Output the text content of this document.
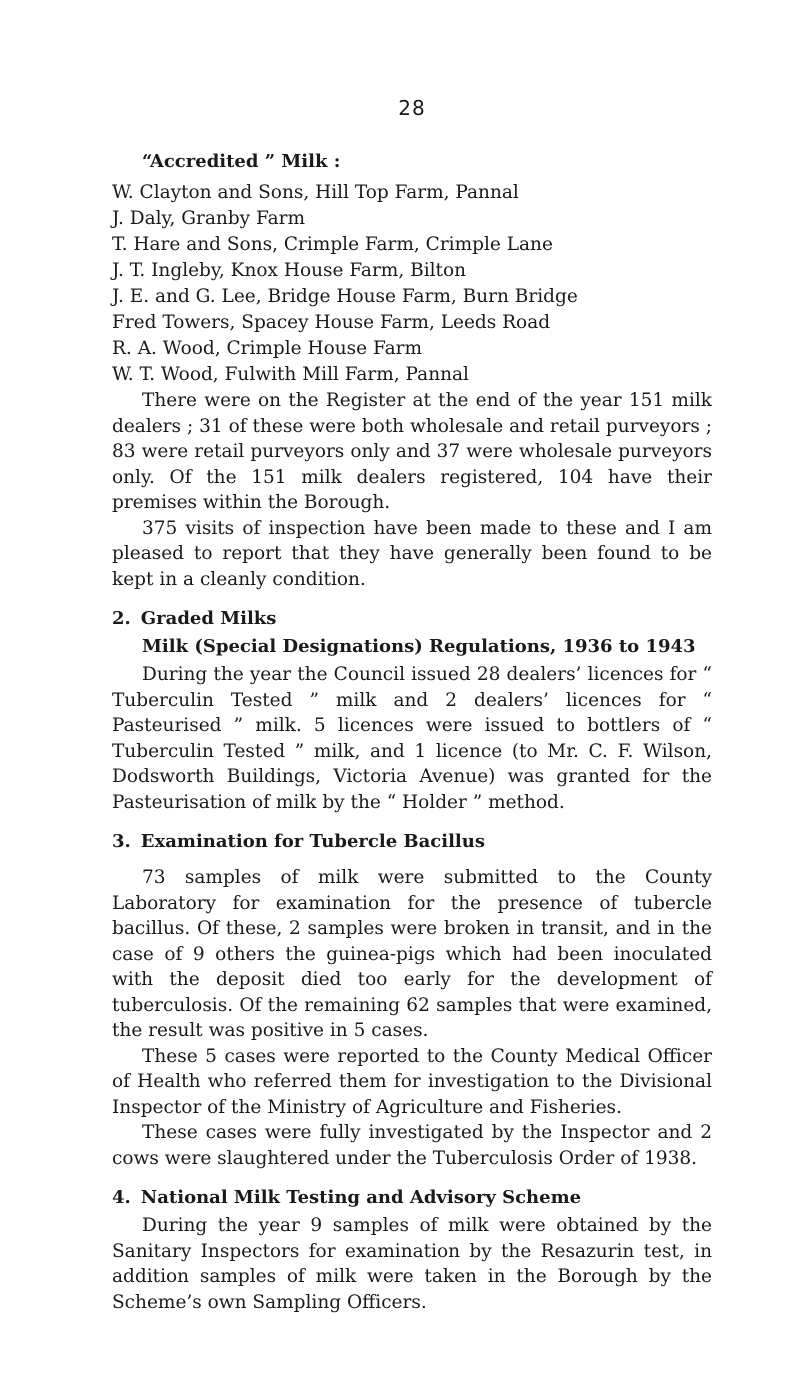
28
“Accredited ” Milk :
W. Clayton and Sons, Hill Top Farm, Pannal
J. Daly, Granby Farm
T. Hare and Sons, Crimple Farm, Crimple Lane
J. T. Ingleby, Knox House Farm, Bilton
J. E. and G. Lee, Bridge House Farm, Burn Bridge
Fred Towers, Spacey House Farm, Leeds Road
R. A. Wood, Crimple House Farm
W. T. Wood, Fulwith Mill Farm, Pannal

There were on the Register at the end of the year 151 milk dealers ; 31 of these were both wholesale and retail purveyors ; 83 were retail purveyors only and 37 were wholesale purveyors only. Of the 151 milk dealers registered, 104 have their premises within the Borough.

375 visits of inspection have been made to these and I am pleased to report that they have generally been found to be kept in a cleanly condition.

2. Graded Milks
Milk (Special Designations) Regulations, 1936 to 1943

During the year the Council issued 28 dealers’ licences for “ Tuberculin Tested ” milk and 2 dealers’ licences for “ Pasteurised ” milk. 5 licences were issued to bottlers of “ Tuberculin Tested ” milk, and 1 licence (to Mr. C. F. Wilson, Dodsworth Buildings, Victoria Avenue) was granted for the Pasteurisation of milk by the “ Holder ” method.

3. Examination for Tubercle Bacillus

73 samples of milk were submitted to the County Laboratory for examination for the presence of tubercle bacillus. Of these, 2 samples were broken in transit, and in the case of 9 others the guinea-pigs which had been inoculated with the deposit died too early for the development of tuberculosis. Of the remaining 62 samples that were examined, the result was positive in 5 cases.

These 5 cases were reported to the County Medical Officer of Health who referred them for investigation to the Divisional Inspector of the Ministry of Agriculture and Fisheries.

These cases were fully investigated by the Inspector and 2 cows were slaughtered under the Tuberculosis Order of 1938.

4. National Milk Testing and Advisory Scheme

During the year 9 samples of milk were obtained by the Sanitary Inspectors for examination by the Resazurin test, in addition samples of milk were taken in the Borough by the Scheme’s own Sampling Officers.
